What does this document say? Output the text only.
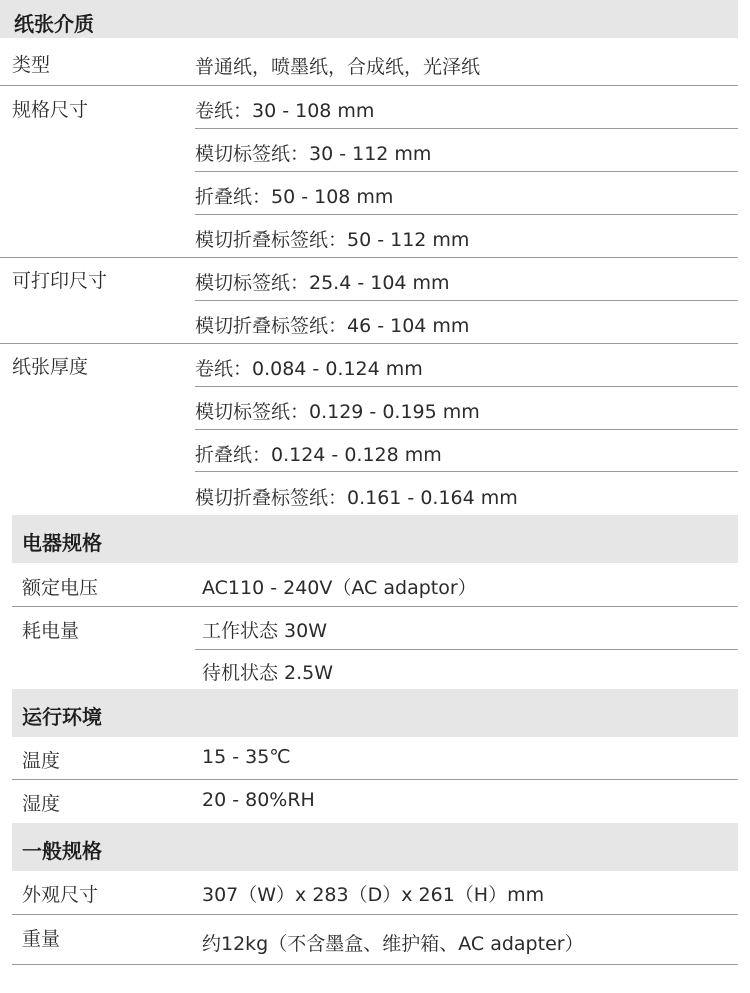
纸张介质
类型	普通纸，喷墨纸，合成纸，光泽纸
规格尺寸	卷纸：30 - 108 mm
模切标签纸：30 - 112 mm
折叠纸：50 - 108 mm
模切折叠标签纸：50 - 112 mm
可打印尺寸	模切标签纸：25.4 - 104 mm
模切折叠标签纸：46 - 104 mm
纸张厚度	卷纸：0.084 - 0.124 mm
模切标签纸：0.129 - 0.195 mm
折叠纸：0.124 - 0.128 mm
模切折叠标签纸：0.161 - 0.164 mm
电器规格
额定电压	AC110 - 240V（AC adaptor）
耗电量	工作状态 30W
待机状态 2.5W
运行环境
温度	15 - 35℃
湿度	20 - 80%RH
一般规格
外观尺寸	307（W）x 283（D）x 261（H）mm
重量	约12kg（不含墨盒、维护箱、AC adapter）
